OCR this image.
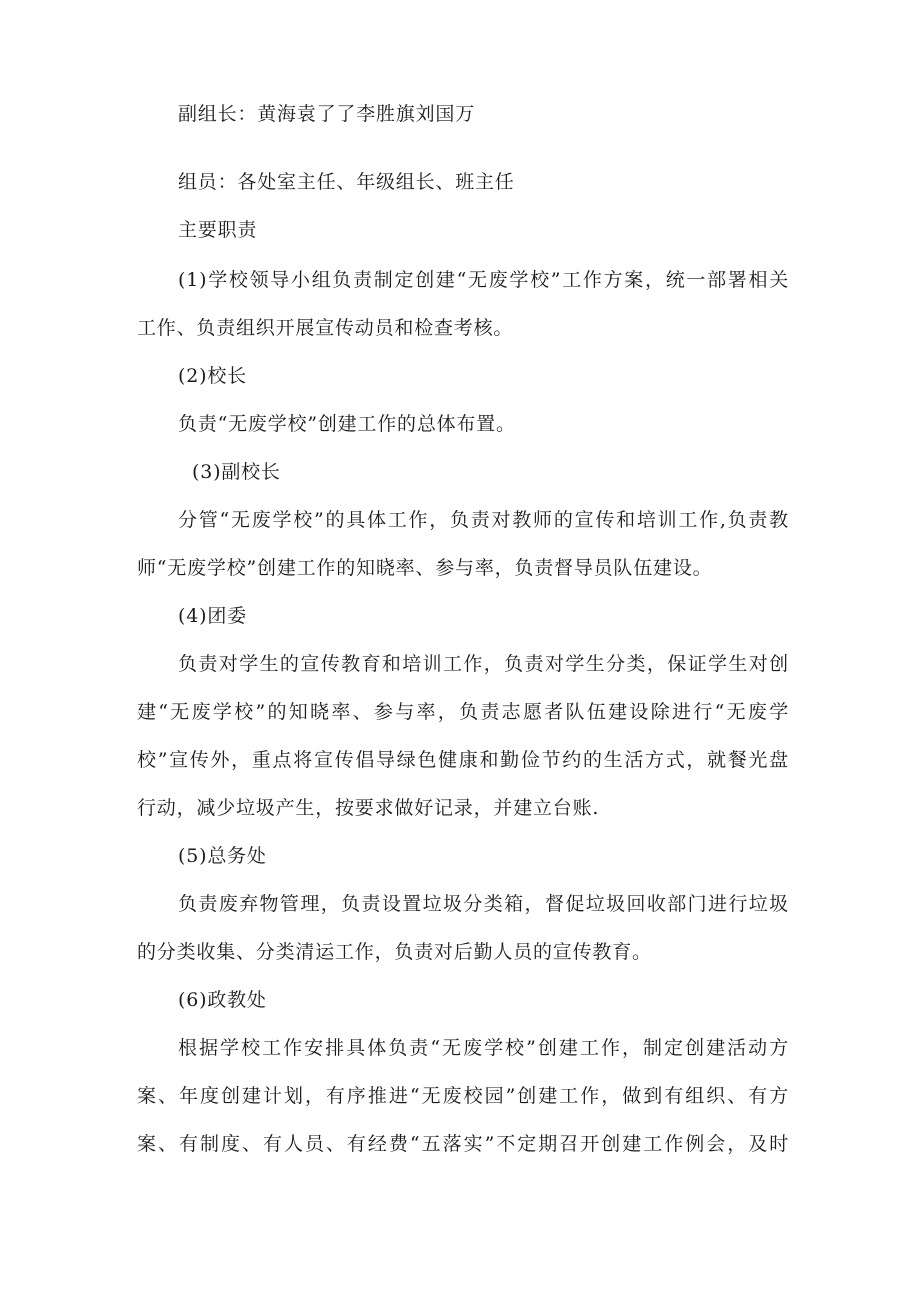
副组长：黄海袁了了李胜旗刘国万
组员：各处室主任、年级组长、班主任
主要职责
(1)学校领导小组负责制定创建“无废学校”工作方案，统一部署相关
工作、负责组织开展宣传动员和检查考核。
(2)校长
负责“无废学校”创建工作的总体布置。
(3)副校长
分管“无废学校”的具体工作，负责对教师的宣传和培训工作,负责教
师“无废学校”创建工作的知晓率、参与率，负责督导员队伍建设。
(4)团委
负责对学生的宣传教育和培训工作，负责对学生分类，保证学生对创
建“无废学校”的知晓率、参与率，负责志愿者队伍建设除进行“无废学
校”宣传外，重点将宣传倡导绿色健康和勤俭节约的生活方式，就餐光盘
行动，减少垃圾产生，按要求做好记录，并建立台账.
(5)总务处
负责废弃物管理，负责设置垃圾分类箱，督促垃圾回收部门进行垃圾
的分类收集、分类清运工作，负责对后勤人员的宣传教育。
(6)政教处
根据学校工作安排具体负责“无废学校”创建工作，制定创建活动方
案、年度创建计划，有序推进“无废校园”创建工作，做到有组织、有方
案、有制度、有人员、有经费“五落实”不定期召开创建工作例会，及时
